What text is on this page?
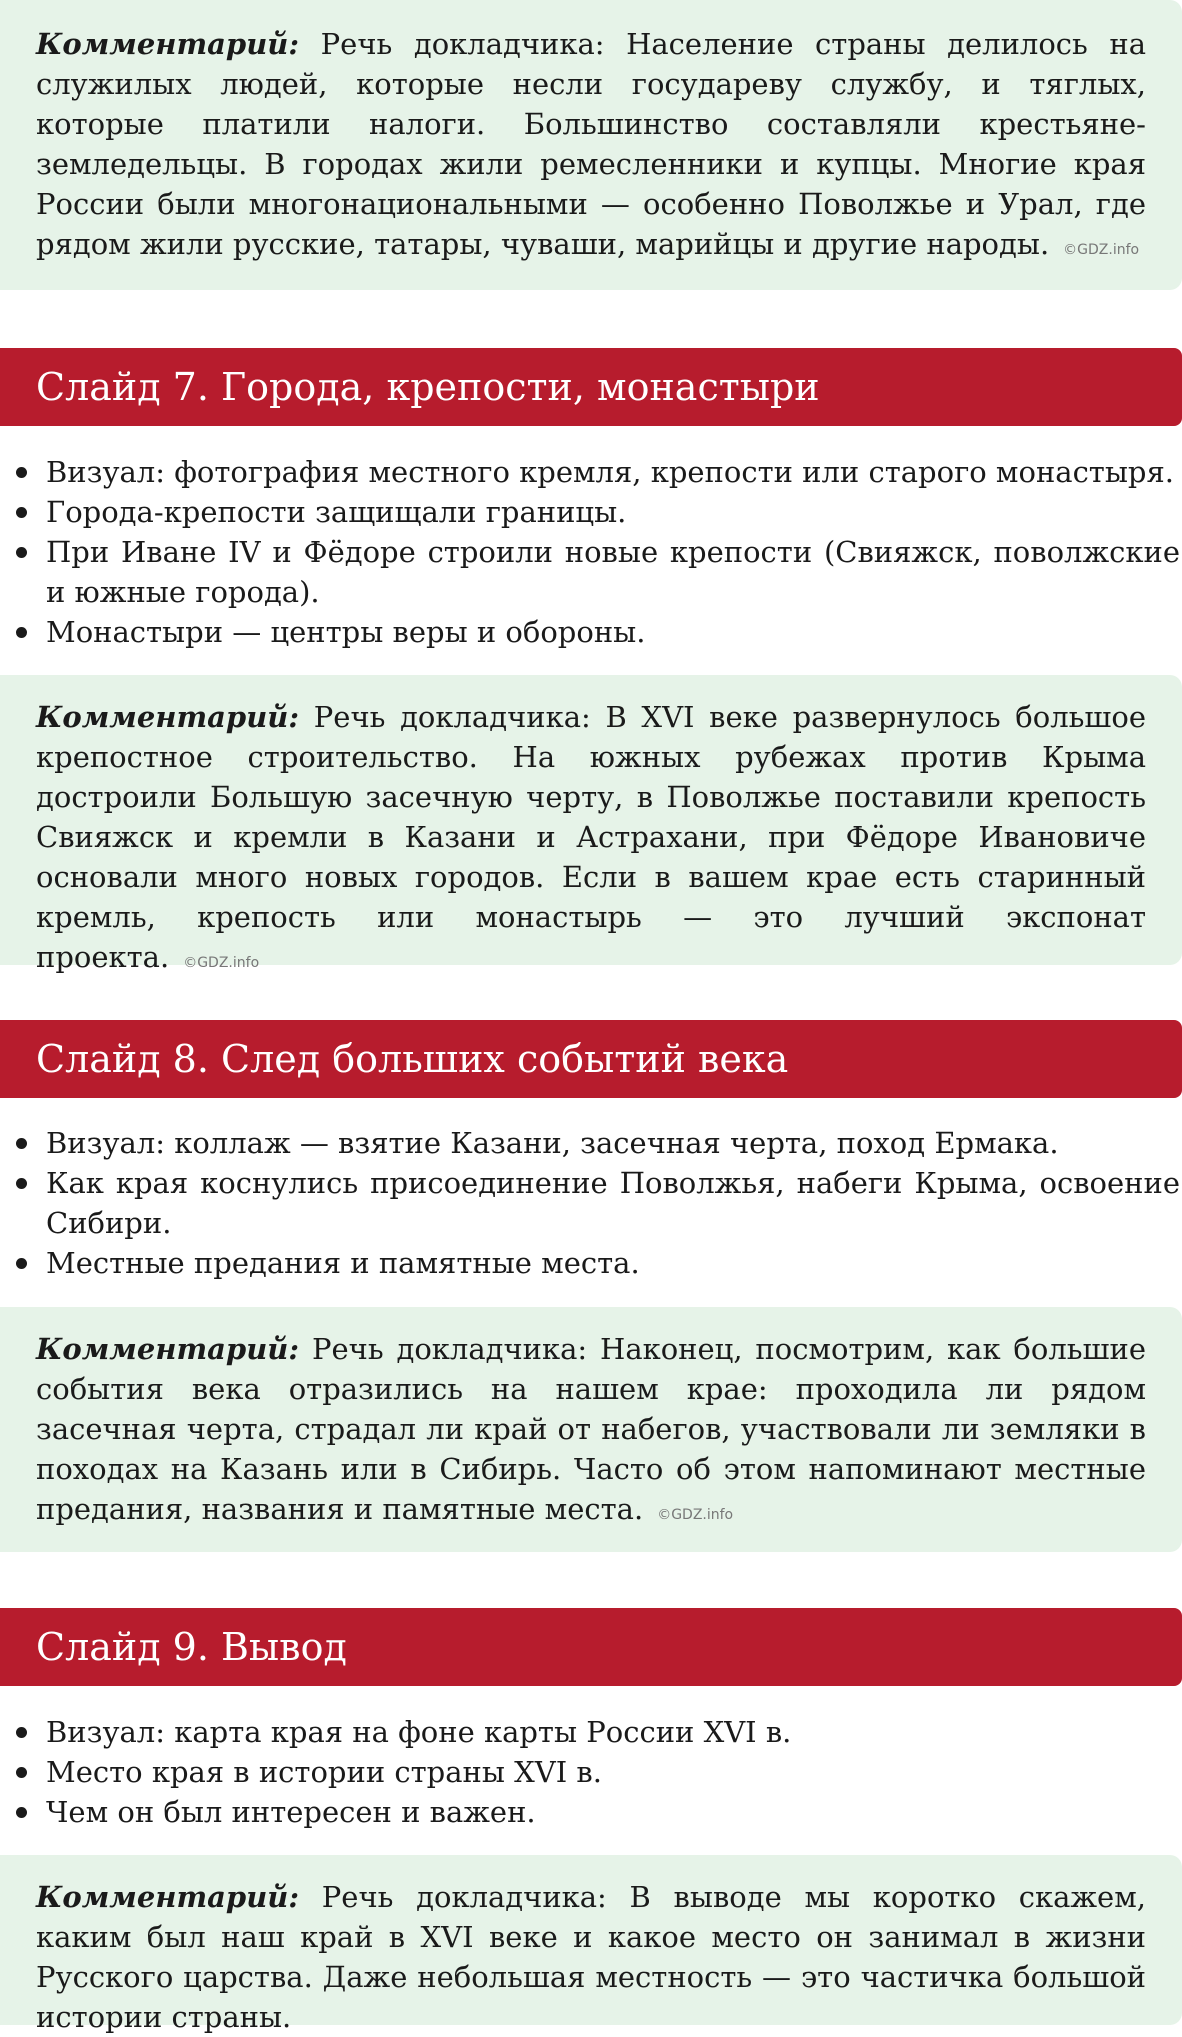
Комментарий: Речь докладчика: Население страны делилось на служилых людей, которые несли государеву службу, и тяглых, которые платили налоги. Большинство составляли крестьяне-земледельцы. В городах жили ремесленники и купцы. Многие края России были многонациональными — особенно Поволжье и Урал, где рядом жили русские, татары, чуваши, марийцы и другие народы. ©GDZ.info

Слайд 7. Города, крепости, монастыри
Визуал: фотография местного кремля, крепости или старого монастыря.
Города-крепости защищали границы.
При Иване IV и Фёдоре строили новые крепости (Свияжск, поволжские и южные города).
Монастыри — центры веры и обороны.

Комментарий: Речь докладчика: В XVI веке развернулось большое крепостное строительство. На южных рубежах против Крыма достроили Большую засечную черту, в Поволжье поставили крепость Свияжск и кремли в Казани и Астрахани, при Фёдоре Ивановиче основали много новых городов. Если в вашем крае есть старинный кремль, крепость или монастырь — это лучший экспонат проекта. ©GDZ.info

Слайд 8. След больших событий века
Визуал: коллаж — взятие Казани, засечная черта, поход Ермака.
Как края коснулись присоединение Поволжья, набеги Крыма, освоение Сибири.
Местные предания и памятные места.

Комментарий: Речь докладчика: Наконец, посмотрим, как большие события века отразились на нашем крае: проходила ли рядом засечная черта, страдал ли край от набегов, участвовали ли земляки в походах на Казань или в Сибирь. Часто об этом напоминают местные предания, названия и памятные места. ©GDZ.info

Слайд 9. Вывод
Визуал: карта края на фоне карты России XVI в.
Место края в истории страны XVI в.
Чем он был интересен и важен.

Комментарий: Речь докладчика: В выводе мы коротко скажем, каким был наш край в XVI веке и какое место он занимал в жизни Русского царства. Даже небольшая местность — это частичка большой истории страны.
